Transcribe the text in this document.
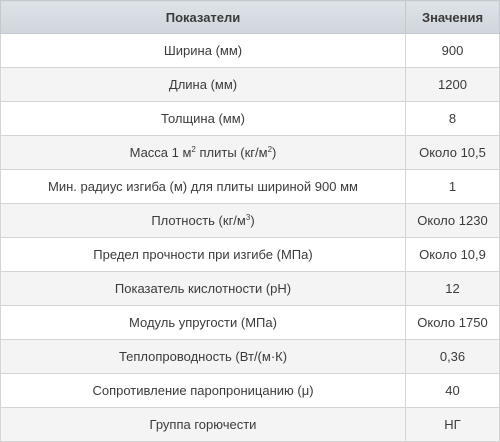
Показатели	Значения
Ширина (мм)	900
Длина (мм)	1200
Толщина (мм)	8
Масса 1 $м^2$ плиты $(кг/м^2)$	Около 10,5
Мин. радиус изгиба (м) для плиты шириной 900 мм	1
Плотность $(кг/м^3)$	Около 1230
Предел прочности при изгибе (МПа)	Около 10,9
Показатель кислотности (pH)	12
Модуль упругости (МПа)	Около 1750
Теплопроводность (Вт/(м·К)	0,36
Сопротивление паропроницанию (μ)	40
Группа горючести	НГ
